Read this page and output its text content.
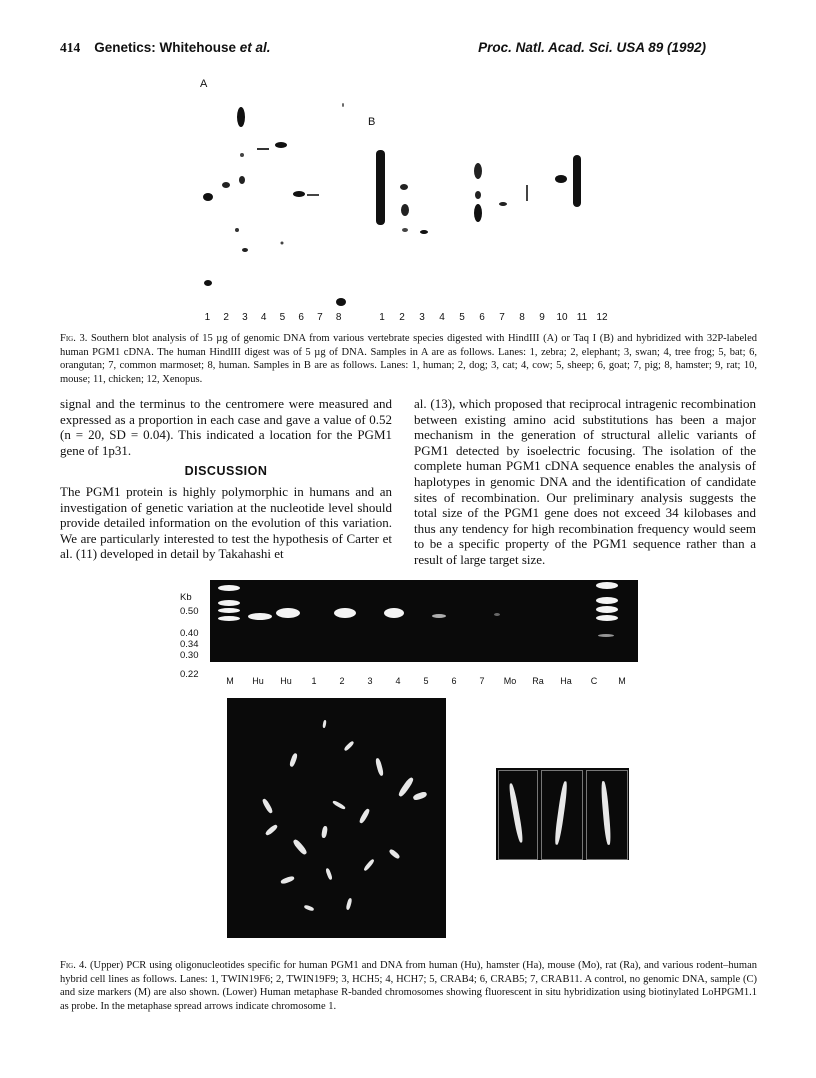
414 Genetics: Whitehouse et al.	Proc. Natl. Acad. Sci. USA 89 (1992)
A
B
1	2	3	4	5	6	7	8	1	2	3	4	5	6	7	8	9	10 11 12
Fig. 3. Southern blot analysis of 15 µg of genomic DNA from various vertebrate species digested with HindIII (A) or Taq I (B) and hybridized with 32P-labeled human PGM1 cDNA. The human HindIII digest was of 5 µg of DNA. Samples in A are as follows. Lanes: 1, zebra; 2, elephant; 3, swan; 4, tree frog; 5, bat; 6, orangutan; 7, common marmoset; 8, human. Samples in B are as follows. Lanes: 1, human; 2, dog; 3, cat; 4, cow; 5, sheep; 6, goat; 7, pig; 8, hamster; 9, rat; 10, mouse; 11, chicken; 12, Xenopus.

signal and the terminus to the centromere were measured and expressed as a proportion in each case and gave a value of 0.52 (n = 20, SD = 0.04). This indicated a location for the PGM1 gene of 1p31.

DISCUSSION

The PGM1 protein is highly polymorphic in humans and an investigation of genetic variation at the nucleotide level should provide detailed information on the evolution of this variation. We are particularly interested to test the hypothesis of Carter et al. (11) developed in detail by Takahashi et

al. (13), which proposed that reciprocal intragenic recombination between existing amino acid substitutions has been a major mechanism in the generation of structural allelic variants of PGM1 detected by isoelectric focusing. The isolation of the complete human PGM1 cDNA sequence enables the analysis of haplotypes in genomic DNA and the identification of candidate sites of recombination. Our preliminary analysis suggests the total size of the PGM1 gene does not exceed 34 kilobases and thus any tendency for high recombination frequency would seem to be a specific property of the PGM1 sequence rather than a result of large target size.

Kb
0.50
0.40
0.34
0.30
0.22
M	Hu	Hu	1	2	3	4	5	6	7	Mo	Ra	Ha	C	M
Fig. 4. (Upper) PCR using oligonucleotides specific for human PGM1 and DNA from human (Hu), hamster (Ha), mouse (Mo), rat (Ra), and various rodent–human hybrid cell lines as follows. Lanes: 1, TWIN19F6; 2, TWIN19F9; 3, HCH5; 4, HCH7; 5, CRAB4; 6, CRAB5; 7, CRAB11. A control, no genomic DNA, sample (C) and size markers (M) are also shown. (Lower) Human metaphase R-banded chromosomes showing fluorescent in situ hybridization using biotinylated LoHPGM1.1 as probe. In the metaphase spread arrows indicate chromosome 1.
